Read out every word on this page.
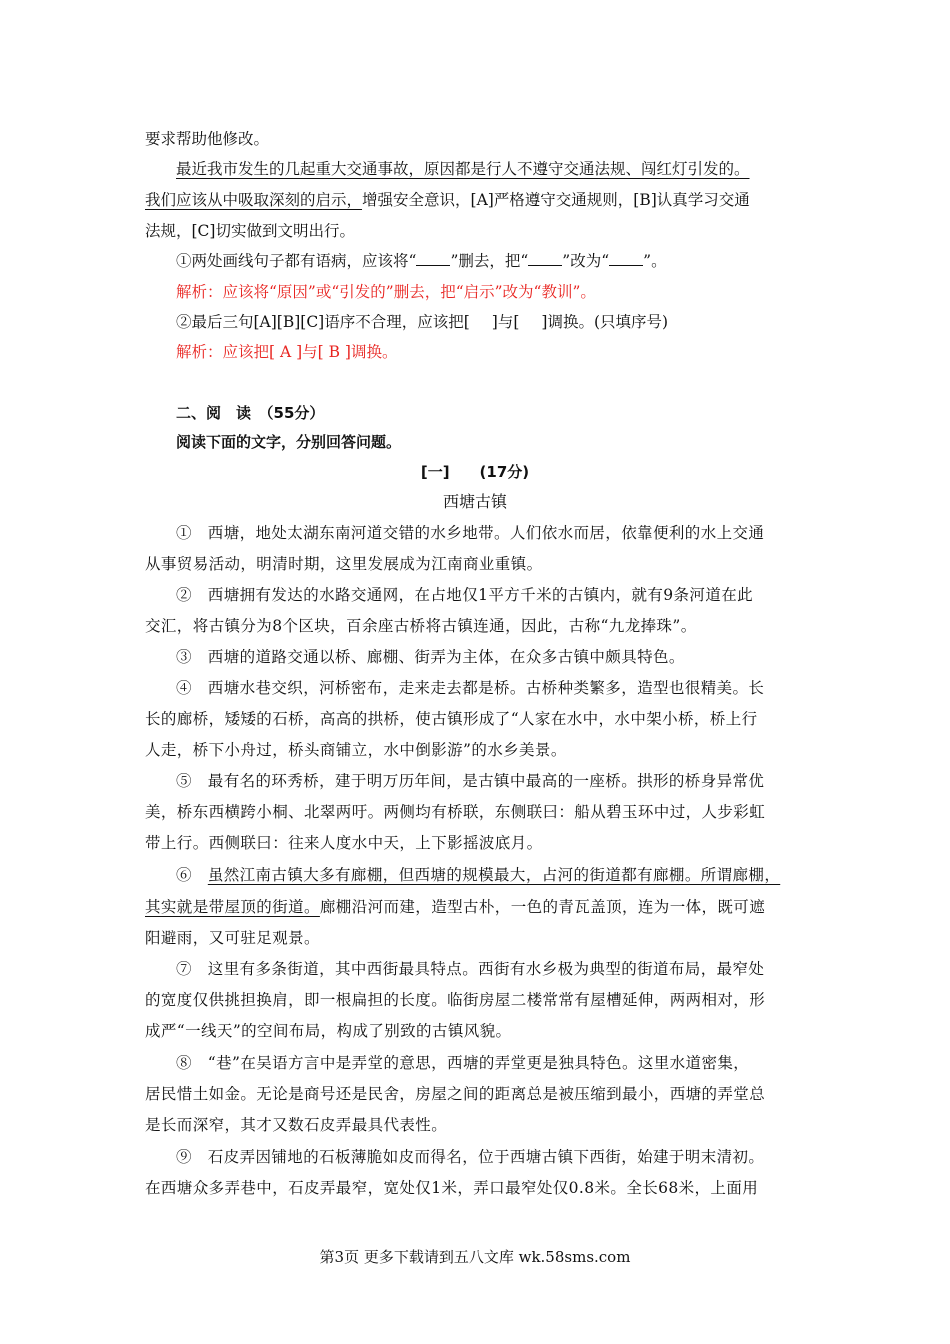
要求帮助他修改。
最近我市发生的几起重大交通事故，原因都是行人不遵守交通法规、闯红灯引发的。
我们应该从中吸取深刻的启示，增强安全意识，[A]严格遵守交通规则，[B]认真学习交通
法规，[C]切实做到文明出行。
①两处画线句子都有语病，应该将“ ”删去，把“ ”改为“ ”。
解析：应该将“原因”或“引发的”删去，把“启示”改为“教训”。
②最后三句[A][B][C]语序不合理，应该把[ ]与[ ]调换。(只填序号)
解析：应该把[ A ]与[ B ]调换。
二、阅　读　（55分）
阅读下面的文字，分别回答问题。
[一]　　(17分)
西塘古镇
①　西塘，地处太湖东南河道交错的水乡地带。人们依水而居，依靠便利的水上交通
从事贸易活动，明清时期，这里发展成为江南商业重镇。
②　西塘拥有发达的水路交通网，在占地仅1平方千米的古镇内，就有9条河道在此
交汇，将古镇分为8个区块，百余座古桥将古镇连通，因此，古称“九龙捧珠”。
③　西塘的道路交通以桥、廊棚、街弄为主体，在众多古镇中颇具特色。
④　西塘水巷交织，河桥密布，走来走去都是桥。古桥种类繁多，造型也很精美。长
长的廊桥，矮矮的石桥，高高的拱桥，使古镇形成了“人家在水中，水中架小桥，桥上行
人走，桥下小舟过，桥头商铺立，水中倒影游”的水乡美景。
⑤　最有名的环秀桥，建于明万历年间，是古镇中最高的一座桥。拱形的桥身异常优
美，桥东西横跨小桐、北翠两吁。两侧均有桥联，东侧联曰：船从碧玉环中过，人步彩虹
带上行。西侧联曰：往来人度水中天，上下影摇波底月。
⑥　虽然江南古镇大多有廊棚，但西塘的规模最大，占河的街道都有廊棚。所谓廊棚，
其实就是带屋顶的街道。廊棚沿河而建，造型古朴，一色的青瓦盖顶，连为一体，既可遮
阳避雨，又可驻足观景。
⑦　这里有多条街道，其中西街最具特点。西街有水乡极为典型的街道布局，最窄处
的宽度仅供挑担换肩，即一根扁担的长度。临街房屋二楼常常有屋槽延伸，两两相对，形
成严“一线天”的空间布局，构成了别致的古镇风貌。
⑧　“巷”在吴语方言中是弄堂的意思，西塘的弄堂更是独具特色。这里水道密集，
居民惜土如金。无论是商号还是民舍，房屋之间的距离总是被压缩到最小，西塘的弄堂总
是长而深窄，其才又数石皮弄最具代表性。
⑨　石皮弄因铺地的石板薄脆如皮而得名，位于西塘古镇下西街，始建于明末清初。
在西塘众多弄巷中，石皮弄最窄，宽处仅1米，弄口最窄处仅0.8米。全长68米，上面用
第3页 更多下载请到五八文库 wk.58sms.com
